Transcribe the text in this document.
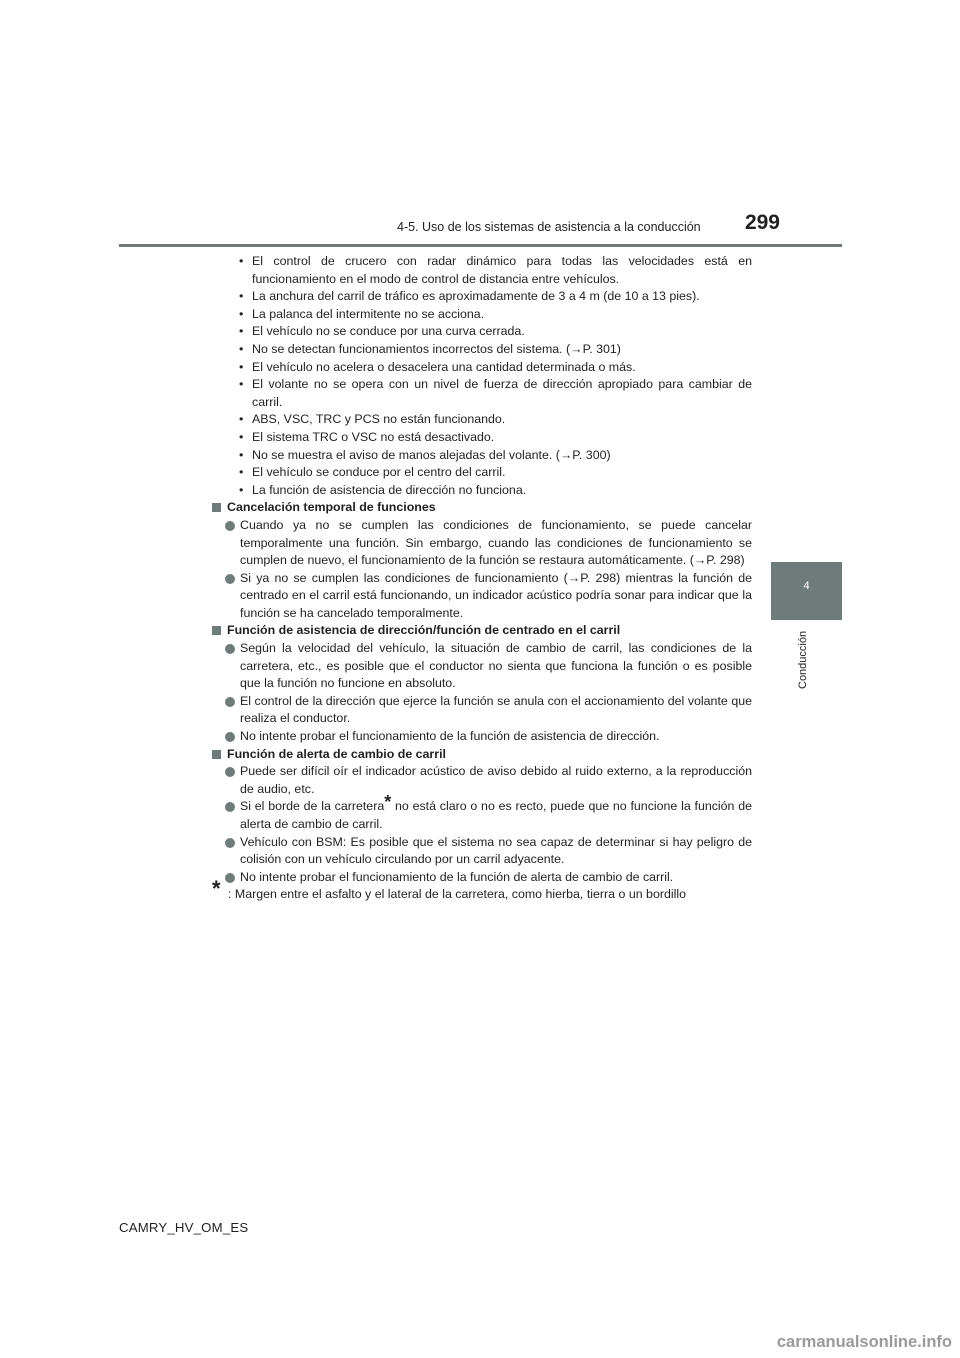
4-5. Uso de los sistemas de asistencia a la conducción	299
4
Conducción

• El control de crucero con radar dinámico para todas las velocidades está en funcionamiento en el modo de control de distancia entre vehículos.

• La anchura del carril de tráfico es aproximadamente de 3 a 4 m (de 10 a 13 pies).

• La palanca del intermitente no se acciona.

• El vehículo no se conduce por una curva cerrada.

• No se detectan funcionamientos incorrectos del sistema. (→P. 301)

• El vehículo no acelera o desacelera una cantidad determinada o más.

• El volante no se opera con un nivel de fuerza de dirección apropiado para cambiar de carril.

• ABS, VSC, TRC y PCS no están funcionando.

• El sistema TRC o VSC no está desactivado.

• No se muestra el aviso de manos alejadas del volante. (→P. 300)

• El vehículo se conduce por el centro del carril.

• La función de asistencia de dirección no funciona.

Cancelación temporal de funciones

Cuando ya no se cumplen las condiciones de funcionamiento, se puede cancelar temporalmente una función. Sin embargo, cuando las condiciones de funcionamiento se cumplen de nuevo, el funcionamiento de la función se restaura automáticamente. (→P. 298)

Si ya no se cumplen las condiciones de funcionamiento (→P. 298) mientras la función de centrado en el carril está funcionando, un indicador acústico podría sonar para indicar que la función se ha cancelado temporalmente.

Función de asistencia de dirección/función de centrado en el carril

Según la velocidad del vehículo, la situación de cambio de carril, las condiciones de la carretera, etc., es posible que el conductor no sienta que funciona la función o es posible que la función no funcione en absoluto.

El control de la dirección que ejerce la función se anula con el accionamiento del volante que realiza el conductor.

No intente probar el funcionamiento de la función de asistencia de dirección.

Función de alerta de cambio de carril

Puede ser difícil oír el indicador acústico de aviso debido al ruido externo, a la reproducción de audio, etc.

Si el borde de la carretera* no está claro o no es recto, puede que no funcione la función de alerta de cambio de carril.

Vehículo con BSM: Es posible que el sistema no sea capaz de determinar si hay peligro de colisión con un vehículo circulando por un carril adyacente.

No intente probar el funcionamiento de la función de alerta de cambio de carril.

* : Margen entre el asfalto y el lateral de la carretera, como hierba, tierra o un bordillo

CAMRY_HV_OM_ES
carmanualsonline.info
